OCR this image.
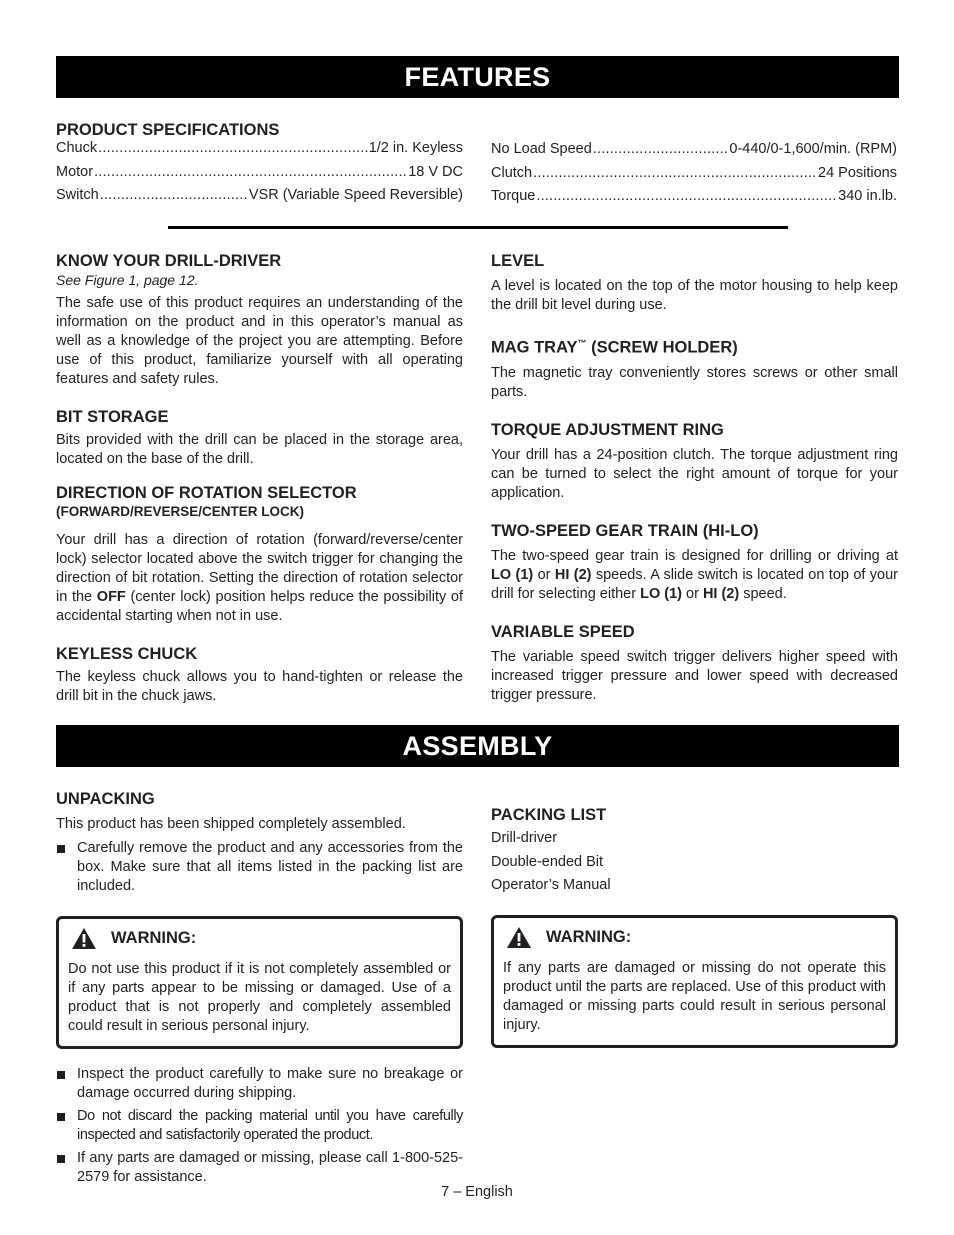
FEATURES
PRODUCT SPECIFICATIONS
Chuck .....	1/2 in. Keyless
Motor .....	18 V DC
Switch .....	VSR (Variable Speed Reversible)
No Load Speed .....	0-440/0-1,600/min. (RPM)
Clutch .....	24 Positions
Torque .....	340 in.lb.
KNOW YOUR DRILL-DRIVER

See Figure 1, page 12.

The safe use of this product requires an understanding of the information on the product and in this operator’s manual as well as a knowledge of the project you are attempting. Before use of this product, familiarize yourself with all operating features and safety rules.

BIT STORAGE

Bits provided with the drill can be placed in the storage area, located on the base of the drill.

DIRECTION OF ROTATION SELECTOR

(FORWARD/REVERSE/CENTER LOCK)

Your drill has a direction of rotation (forward/reverse/center lock) selector located above the switch trigger for changing the direction of bit rotation. Setting the direction of rotation selector in the OFF (center lock) position helps reduce the possibility of accidental starting when not in use.

KEYLESS CHUCK

The keyless chuck allows you to hand-tighten or release the drill bit in the chuck jaws.

LEVEL

A level is located on the top of the motor housing to help keep the drill bit level during use.

MAG TRAY™ (SCREW HOLDER)

The magnetic tray conveniently stores screws or other small parts.

TORQUE ADJUSTMENT RING

Your drill has a 24-position clutch. The torque adjustment ring can be turned to select the right amount of torque for your application.

TWO-SPEED GEAR TRAIN (HI-LO)

The two-speed gear train is designed for drilling or driving at LO (1) or HI (2) speeds. A slide switch is located on top of your drill for selecting either LO (1) or HI (2) speed.

VARIABLE SPEED

The variable speed switch trigger delivers higher speed with increased trigger pressure and lower speed with decreased trigger pressure.

ASSEMBLY
UNPACKING

This product has been shipped completely assembled.

Carefully remove the product and any accessories from the box. Make sure that all items listed in the packing list are included.
WARNING:

Do not use this product if it is not completely assembled or if any parts appear to be missing or damaged. Use of a product that is not properly and completely assembled could result in serious personal injury.

Inspect the product carefully to make sure no breakage or damage occurred during shipping.
Do not discard the packing material until you have carefully inspected and satisfactorily operated the product.
If any parts are damaged or missing, please call 1-800-525-2579 for assistance.
PACKING LIST
Drill-driver
Double-ended Bit
Operator’s Manual
WARNING:

If any parts are damaged or missing do not operate this product until the parts are replaced. Use of this product with damaged or missing parts could result in serious personal injury.

7 – English
